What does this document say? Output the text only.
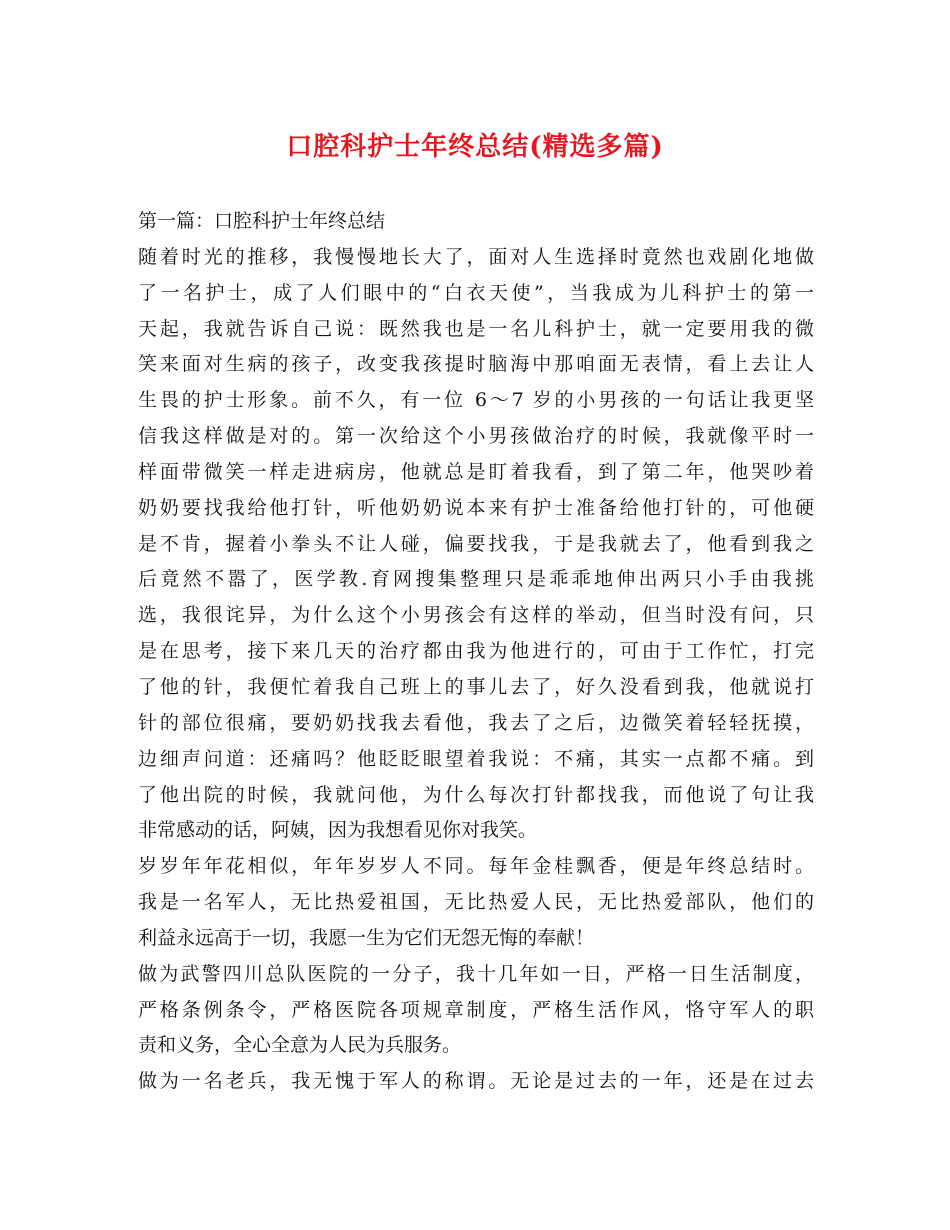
口腔科护士年终总结(精选多篇)
第一篇：口腔科护士年终总结
随着时光的推移，我慢慢地长大了，面对人生选择时竟然也戏剧化地做
了一名护士，成了人们眼中的“白衣天使”，当我成为儿科护士的第一
天起，我就告诉自己说：既然我也是一名儿科护士，就一定要用我的微
笑来面对生病的孩子，改变我孩提时脑海中那咱面无表情，看上去让人
生畏的护士形象。前不久，有一位 6～7 岁的小男孩的一句话让我更坚
信我这样做是对的。第一次给这个小男孩做治疗的时候，我就像平时一
样面带微笑一样走进病房，他就总是盯着我看，到了第二年，他哭吵着
奶奶要找我给他打针，听他奶奶说本来有护士准备给他打针的，可他硬
是不肯，握着小拳头不让人碰，偏要找我，于是我就去了，他看到我之
后竟然不嚣了，医学教.育网搜集整理只是乖乖地伸出两只小手由我挑
选，我很诧异，为什么这个小男孩会有这样的举动，但当时没有问，只
是在思考，接下来几天的治疗都由我为他进行的，可由于工作忙，打完
了他的针，我便忙着我自己班上的事儿去了，好久没看到我，他就说打
针的部位很痛，要奶奶找我去看他，我去了之后，边微笑着轻轻抚摸，
边细声问道：还痛吗？他眨眨眼望着我说：不痛，其实一点都不痛。到
了他出院的时候，我就问他，为什么每次打针都找我，而他说了句让我
非常感动的话，阿姨，因为我想看见你对我笑。
岁岁年年花相似，年年岁岁人不同。每年金桂飘香，便是年终总结时。
我是一名军人，无比热爱祖国，无比热爱人民，无比热爱部队，他们的
利益永远高于一切，我愿一生为它们无怨无悔的奉献！
做为武警四川总队医院的一分子，我十几年如一日，严格一日生活制度，
严格条例条令，严格医院各项规章制度，严格生活作风，恪守军人的职
责和义务，全心全意为人民为兵服务。
做为一名老兵，我无愧于军人的称谓。无论是过去的一年，还是在过去
